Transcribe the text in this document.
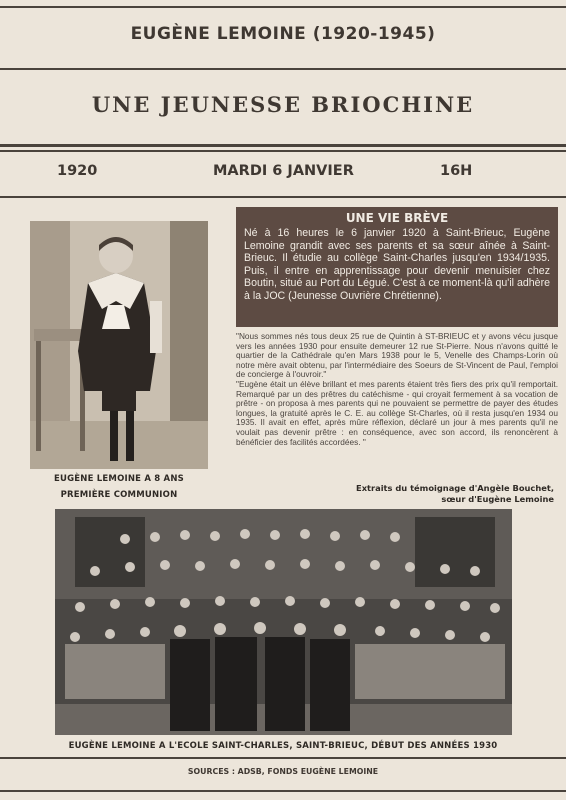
EUGÈNE LEMOINE (1920-1945)
UNE JEUNESSE BRIOCHINE
1920	MARDI 6 JANVIER	16H
EUGÈNE LEMOINE A 8 ANS
PREMIÈRE COMMUNION
UNE VIE BRÈVE
Né à 16 heures le 6 janvier 1920 à Saint-Brieuc, Eugène Lemoine grandit avec ses parents et sa sœur aînée à Saint-Brieuc. Il étudie au collège Saint-Charles jusqu'en 1934/1935. Puis, il entre en apprentissage pour devenir menuisier chez Boutin, situé au Port du Légué. C'est à ce moment-là qu'il adhère à la JOC (Jeunesse Ouvrière Chrétienne).

"Nous sommes nés tous deux 25 rue de Quintin à ST-BRIEUC et y avons vécu jusque vers les années 1930 pour ensuite demeurer 12 rue St-Pierre. Nous n'avons quitté le quartier de la Cathédrale qu'en Mars 1938 pour le 5, Venelle des Champs-Lorin où notre mère avait obtenu, par l'intermédiaire des Soeurs de St-Vincent de Paul, l'emploi de concierge à l'ouvroir."

"Eugène était un élève brillant et mes parents étaient très fiers des prix qu'il remportait. Remarqué par un des prêtres du catéchisme - qui croyait fermement à sa vocation de prêtre - on proposa à mes parents qui ne pouvaient se permettre de payer des études longues, la gratuité après le C. E. au collège St-Charles, où il resta jusqu'en 1934 ou 1935. Il avait en effet, après mûre réflexion, déclaré un jour à mes parents qu'il ne voulait pas devenir prêtre : en conséquence, avec son accord, ils renoncèrent à bénéficier des facilités accordées. "

Extraits du témoignage d'Angèle Bouchet,
sœur d'Eugène Lemoine
EUGÈNE LEMOINE A L'ECOLE SAINT-CHARLES, SAINT-BRIEUC, DÉBUT DES ANNÉES 1930
SOURCES : ADSB, FONDS EUGÈNE LEMOINE
